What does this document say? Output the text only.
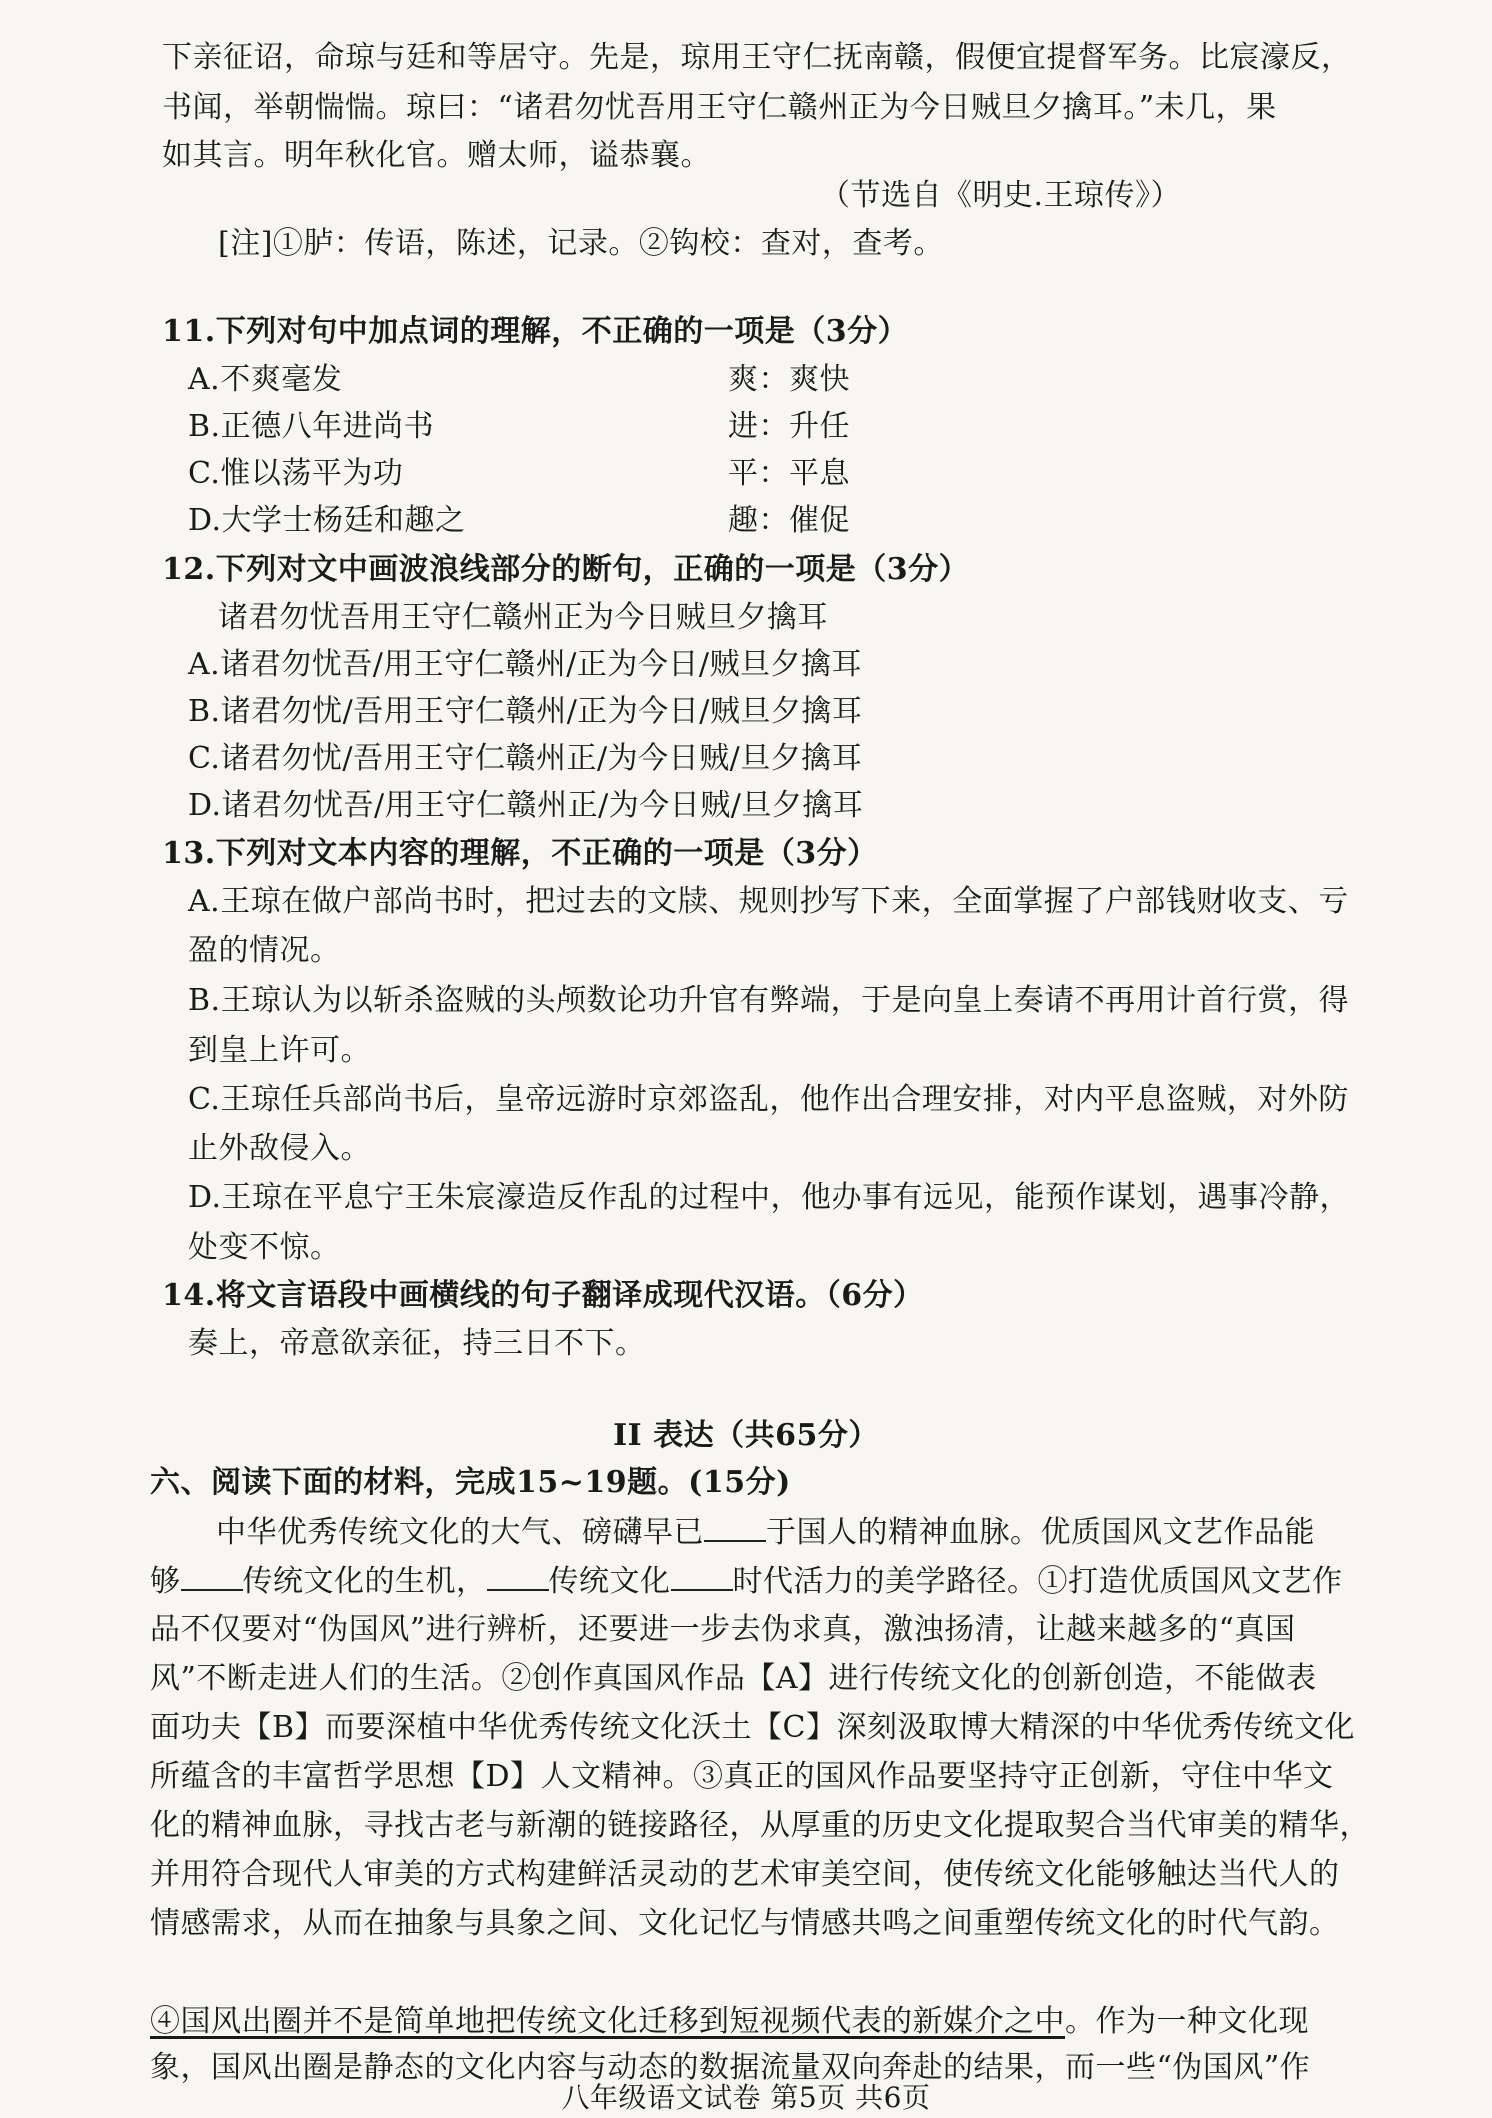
下亲征诏，命琼与廷和等居守。先是，琼用王守仁抚南赣，假便宜提督军务。比宸濠反，
书闻，举朝惴惴。琼曰：“诸君勿忧吾用王守仁赣州正为今日贼旦夕擒耳。”未几，果
如其言。明年秋化官。赠太师，谥恭襄。
（节选自《明史.王琼传》）
[注]①胪：传语，陈述，记录。②钩校：查对，查考。
11.下列对句中加点词的理解，不正确的一项是（3分）
A.不爽毫发	爽：爽快
B.正德八年进尚书	进：升任
C.惟以荡平为功	平：平息
D.大学士杨廷和趣之	趣：催促
12.下列对文中画波浪线部分的断句，正确的一项是（3分）
诸君勿忧吾用王守仁赣州正为今日贼旦夕擒耳
A.诸君勿忧吾/用王守仁赣州/正为今日/贼旦夕擒耳
B.诸君勿忧/吾用王守仁赣州/正为今日/贼旦夕擒耳
C.诸君勿忧/吾用王守仁赣州正/为今日贼/旦夕擒耳
D.诸君勿忧吾/用王守仁赣州正/为今日贼/旦夕擒耳
13.下列对文本内容的理解，不正确的一项是（3分）
A.王琼在做户部尚书时，把过去的文牍、规则抄写下来，全面掌握了户部钱财收支、亏
盈的情况。
B.王琼认为以斩杀盗贼的头颅数论功升官有弊端，于是向皇上奏请不再用计首行赏，得
到皇上许可。
C.王琼任兵部尚书后，皇帝远游时京郊盗乱，他作出合理安排，对内平息盗贼，对外防
止外敌侵入。
D.王琼在平息宁王朱宸濠造反作乱的过程中，他办事有远见，能预作谋划，遇事冷静，
处变不惊。
14.将文言语段中画横线的句子翻译成现代汉语。（6分）
奏上，帝意欲亲征，持三日不下。
II 表达（共65分）
六、阅读下面的材料，完成15~19题。(15分)
中华优秀传统文化的大气、磅礴早已 于国人的精神血脉。优质国风文艺作品能
够 传统文化的生机， 传统文化 时代活力的美学路径。①打造优质国风文艺作
品不仅要对“伪国风”进行辨析，还要进一步去伪求真，激浊扬清，让越来越多的“真国
风”不断走进人们的生活。②创作真国风作品【A】进行传统文化的创新创造，不能做表
面功夫【B】而要深植中华优秀传统文化沃土【C】深刻汲取博大精深的中华优秀传统文化
所蕴含的丰富哲学思想【D】人文精神。③真正的国风作品要坚持守正创新，守住中华文
化的精神血脉，寻找古老与新潮的链接路径，从厚重的历史文化提取契合当代审美的精华，
并用符合现代人审美的方式构建鲜活灵动的艺术审美空间，使传统文化能够触达当代人的
情感需求，从而在抽象与具象之间、文化记忆与情感共鸣之间重塑传统文化的时代气韵。
④国风出圈并不是简单地把传统文化迁移到短视频代表的新媒介之中。作为一种文化现
象，国风出圈是静态的文化内容与动态的数据流量双向奔赴的结果，而一些“伪国风”作
八年级语文试卷 第5页 共6页
